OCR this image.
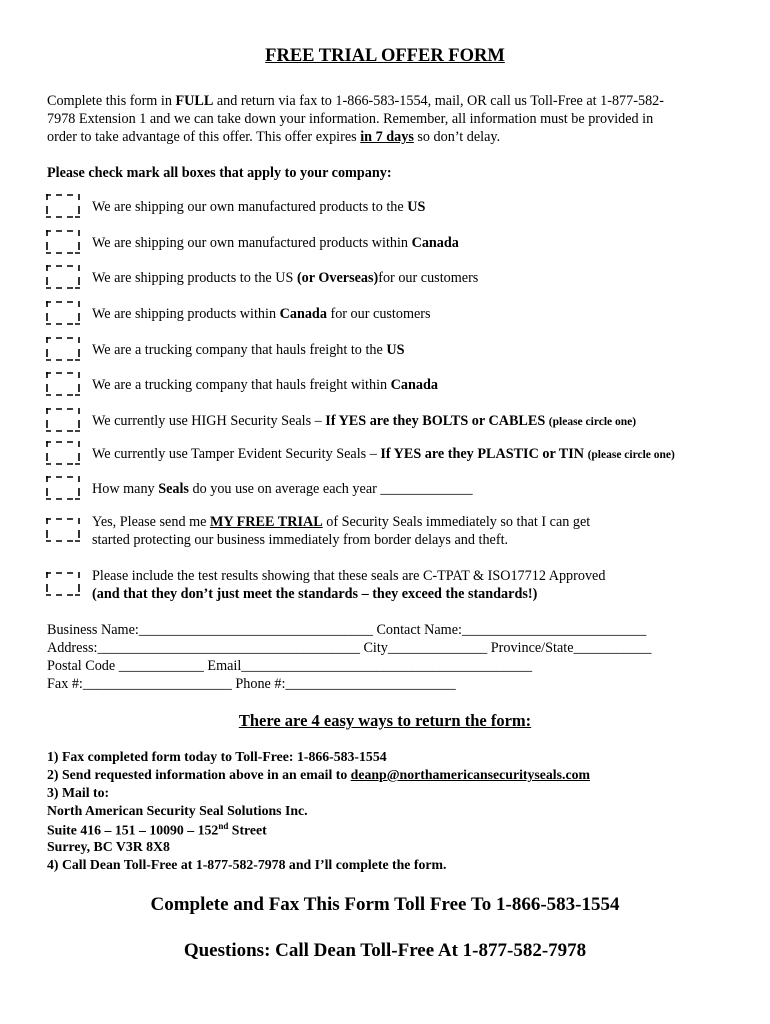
FREE TRIAL OFFER FORM
Complete this form in FULL and return via fax to 1-866-583-1554, mail, OR call us Toll-Free at 1-877-582-
7978 Extension 1 and we can take down your information. Remember, all information must be provided in
order to take advantage of this offer. This offer expires in 7 days so don’t delay.
Please check mark all boxes that apply to your company:
We are shipping our own manufactured products to the US
We are shipping our own manufactured products within Canada
We are shipping products to the US (or Overseas)for our customers
We are shipping products within Canada for our customers
We are a trucking company that hauls freight to the US
We are a trucking company that hauls freight within Canada
We currently use HIGH Security Seals – If YES are they BOLTS or CABLES (please circle one)
We currently use Tamper Evident Security Seals – If YES are they PLASTIC or TIN (please circle one)
How many Seals do you use on average each year _____________
Yes, Please send me MY FREE TRIAL of Security Seals immediately so that I can get
started protecting our business immediately from border delays and theft.
Please include the test results showing that these seals are C-TPAT & ISO17712 Approved
(and that they don’t just meet the standards – they exceed the standards!)
Business Name:_________________________________ Contact Name:__________________________
Address:_____________________________________ City______________ Province/State___________
Postal Code ____________ Email_________________________________________
Fax #:_____________________ Phone #:________________________
There are 4 easy ways to return the form:
1) Fax completed form today to Toll-Free: 1-866-583-1554
2) Send requested information above in an email to deanp@northamericansecurityseals.com
3) Mail to:
North American Security Seal Solutions Inc.
Suite 416 – 151 – 10090 – 152nd Street
Surrey, BC V3R 8X8
4) Call Dean Toll-Free at 1-877-582-7978 and I’ll complete the form.
Complete and Fax This Form Toll Free To 1-866-583-1554
Questions: Call Dean Toll-Free At 1-877-582-7978
